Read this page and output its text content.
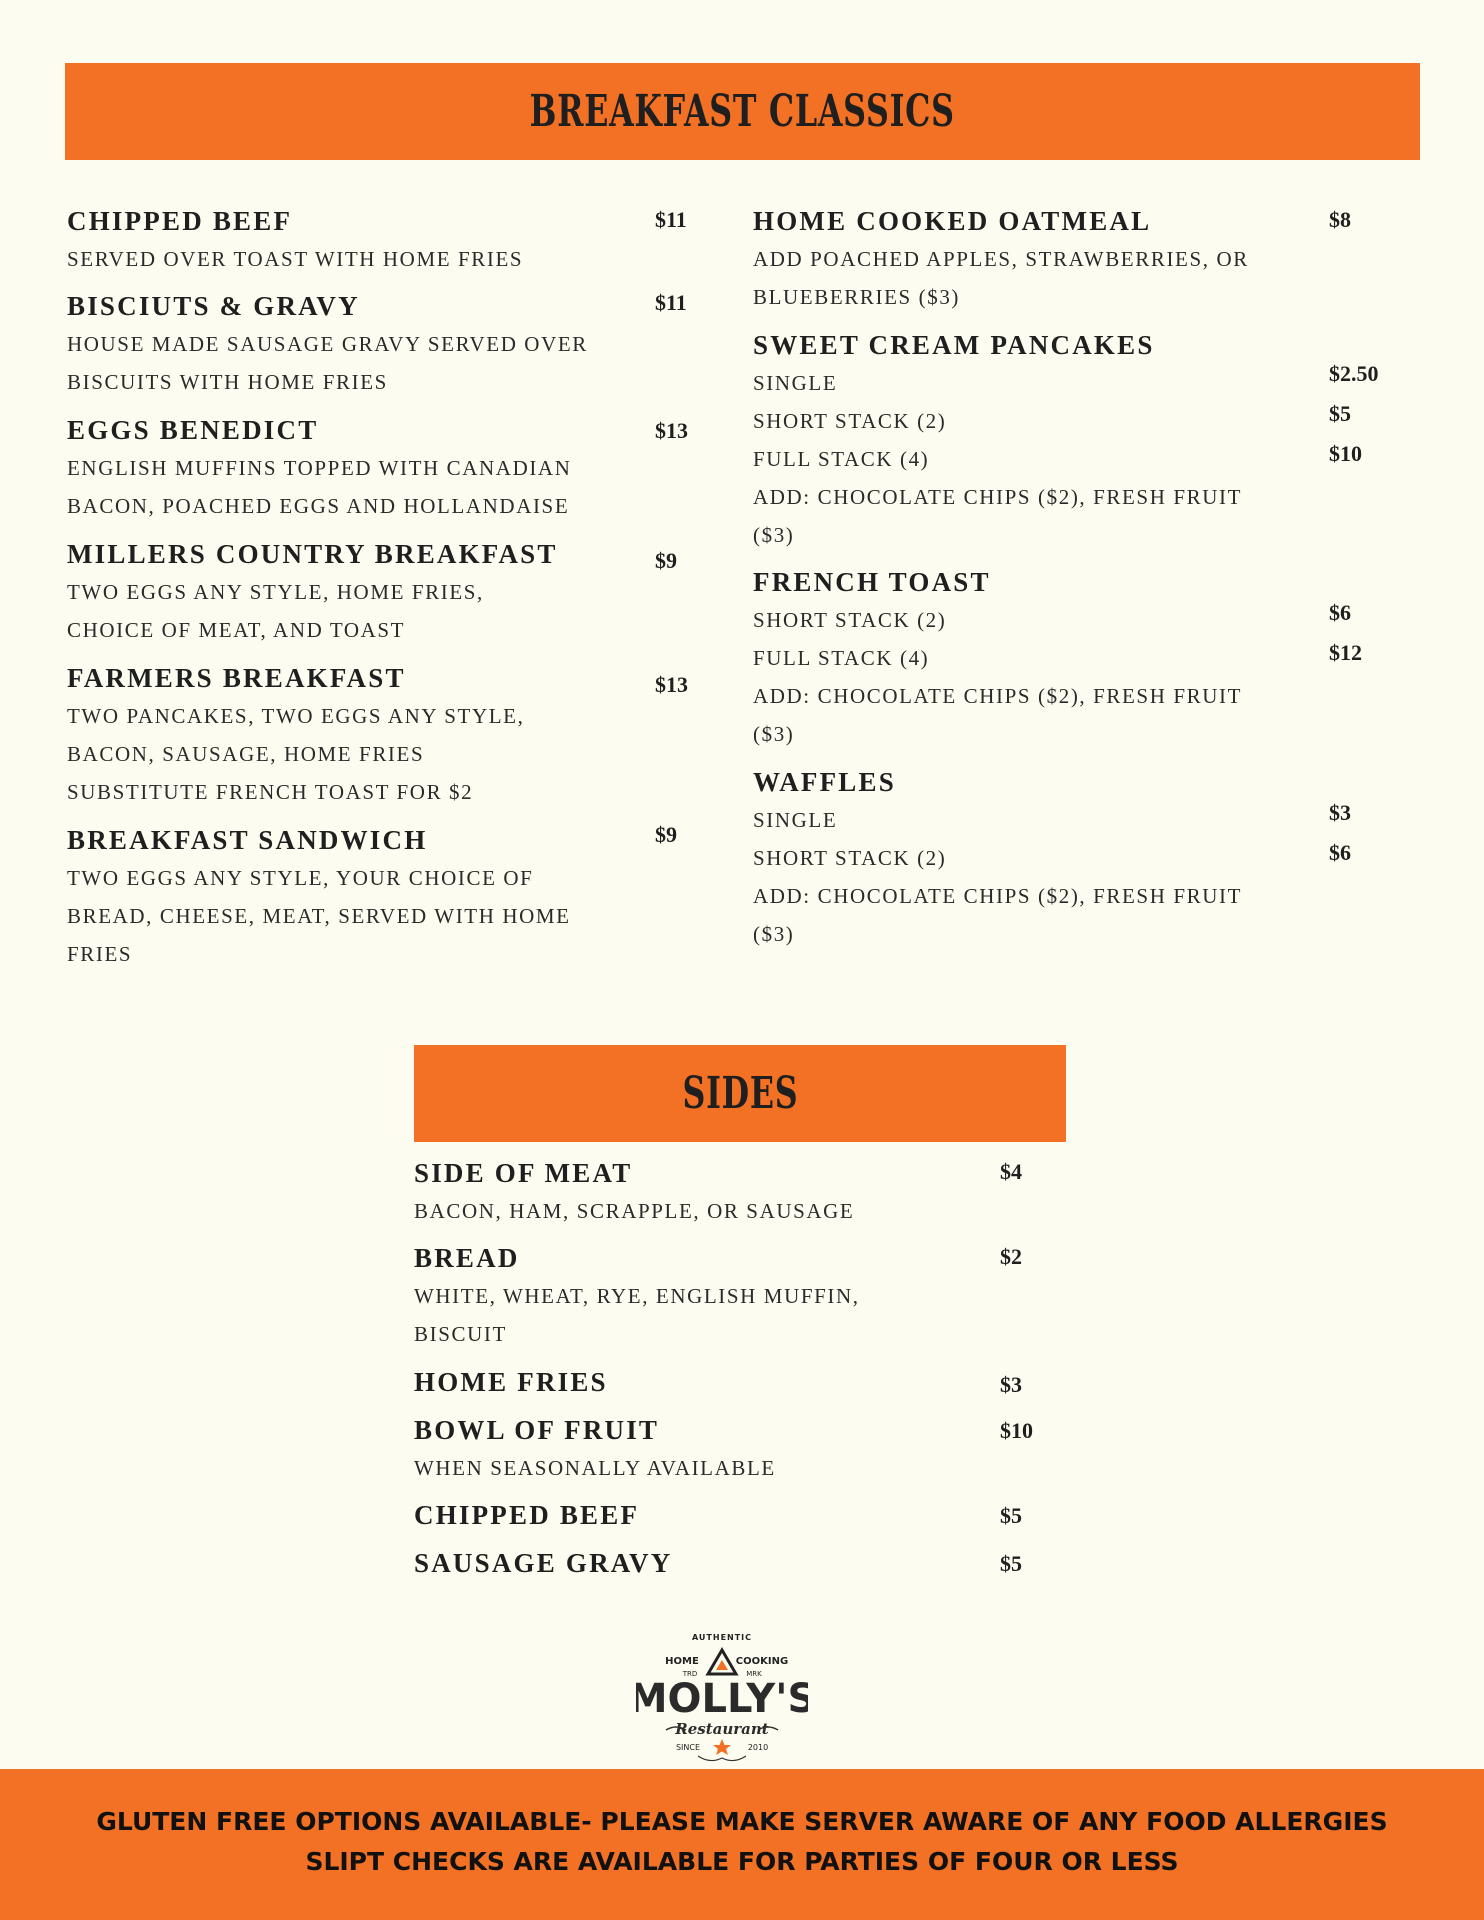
BREAKFAST CLASSICS

CHIPPED BEEF	$11

SERVED OVER TOAST WITH HOME FRIES

BISCIUTS & GRAVY	$11

HOUSE MADE SAUSAGE GRAVY SERVED OVER

BISCUITS WITH HOME FRIES

EGGS BENEDICT	$13

ENGLISH MUFFINS TOPPED WITH CANADIAN

BACON, POACHED EGGS AND HOLLANDAISE

MILLERS COUNTRY BREAKFAST	$9

TWO EGGS ANY STYLE, HOME FRIES,

CHOICE OF MEAT, AND TOAST

FARMERS BREAKFAST	$13

TWO PANCAKES, TWO EGGS ANY STYLE,

BACON, SAUSAGE, HOME FRIES

SUBSTITUTE FRENCH TOAST FOR $2

BREAKFAST SANDWICH	$9

TWO EGGS ANY STYLE, YOUR CHOICE OF

BREAD, CHEESE, MEAT, SERVED WITH HOME

FRIES

HOME COOKED OATMEAL	$8

ADD POACHED APPLES, STRAWBERRIES, OR

BLUEBERRIES ($3)

SWEET CREAM PANCAKES

SINGLE	$2.50

SHORT STACK (2)	$5

FULL STACK (4)	$10

ADD: CHOCOLATE CHIPS ($2), FRESH FRUIT

($3)

FRENCH TOAST

SHORT STACK (2)	$6

FULL STACK (4)	$12

ADD: CHOCOLATE CHIPS ($2), FRESH FRUIT

($3)

WAFFLES

SINGLE	$3

SHORT STACK (2)	$6

ADD: CHOCOLATE CHIPS ($2), FRESH FRUIT

($3)

SIDES

SIDE OF MEAT	$4

BACON, HAM, SCRAPPLE, OR SAUSAGE

BREAD	$2

WHITE, WHEAT, RYE, ENGLISH MUFFIN,

BISCUIT

HOME FRIES	$3

BOWL OF FRUIT	$10

WHEN SEASONALLY AVAILABLE

CHIPPED BEEF	$5

SAUSAGE GRAVY	$5
AUTHENTIC
HOME	COOKING
TRD	MRK
MOLLY'S
Restaurant
SINCE	2010
GLUTEN FREE OPTIONS AVAILABLE- PLEASE MAKE SERVER AWARE OF ANY FOOD ALLERGIES
SLIPT CHECKS ARE AVAILABLE FOR PARTIES OF FOUR OR LESS
